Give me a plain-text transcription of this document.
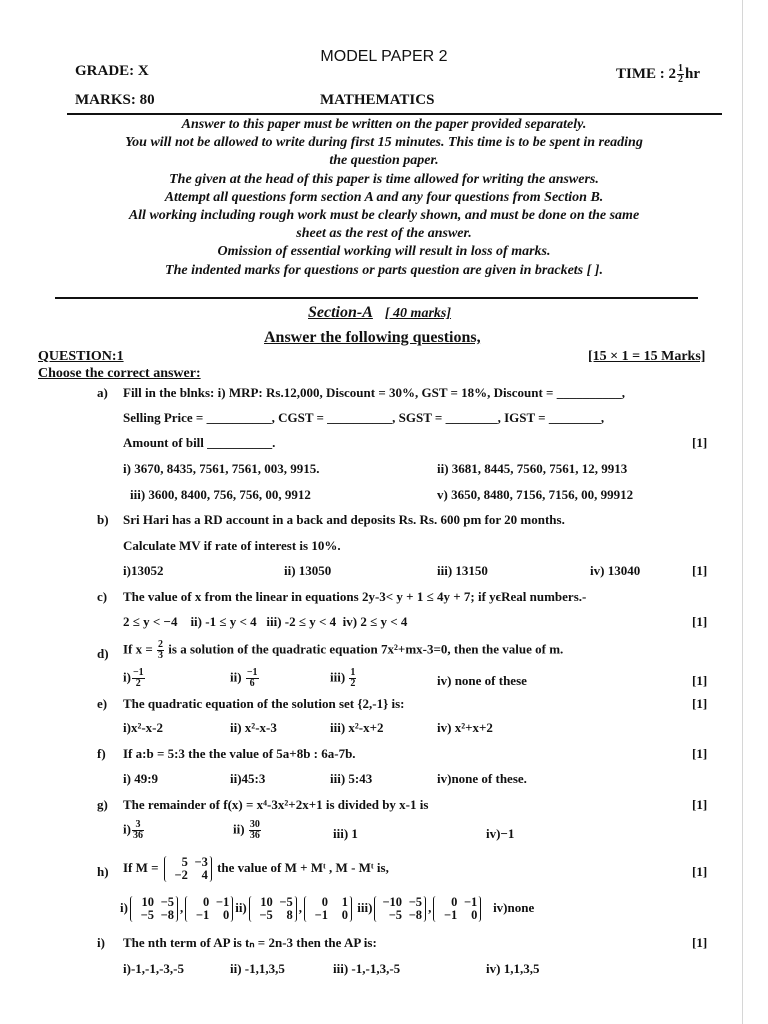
MODEL PAPER 2
GRADE: X	TIME : $2 \frac{1}{2}$ hr
MARKS: 80	MATHEMATICS
Answer to this paper must be written on the paper provided separately.
You will not be allowed to write during first 15 minutes. This time is to be spent in reading
the question paper.
The given at the head of this paper is time allowed for writing the answers.
Attempt all questions form section A and any four questions from Section B.
All working including rough work must be clearly shown, and must be done on the same
sheet as the rest of the answer.
Omission of essential working will result in loss of marks.
The indented marks for questions or parts question are given in brackets [ ].
Section-A [ 40 marks]
Answer the following questions,
QUESTION:1	[15 × 1 = 15 Marks]
Choose the correct answer:
a) Fill in the blnks: i) MRP: Rs.12,000, Discount = 30%, GST = 18%, Discount = __________,
Selling Price = __________, CGST = __________, SGST = ________, IGST = ________,
Amount of bill __________.	[1]
i) 3670, 8435, 7561, 7561, 003, 9915.	ii) 3681, 8445, 7560, 7561, 12, 9913
iii) 3600, 8400, 756, 756, 00, 9912	v) 3650, 8480, 7156, 7156, 00, 99912
b) Sri Hari has a RD account in a back and deposits Rs. Rs. 600 pm for 20 months.
Calculate MV if rate of interest is 10%.
i)13052	ii) 13050	iii) 13150	iv) 13040	[1]
c) The value of x from the linear in equations 2y-3< y + 1 ≤ 4y + 7; if yϵReal numbers.-
2 ≤ y < −4    ii) -1 ≤ y < 4   iii) -2 ≤ y < 4  iv) 2 ≤ y < 4	[1]
d) If $x = \frac{2}{3}$ is a solution of the quadratic equation 7x²+mx-3=0, then the value of m.
$i) \frac{-1}{2}$	$ii) \frac{-1}{6}$	$iii) \frac{1}{2}$	iv) none of these	[1]
e) The quadratic equation of the solution set {2,-1} is:	[1]
i)x²-x-2	ii) x²-x-3	iii) x²-x+2	iv) x²+x+2
f) If a:b = 5:3 the the value of 5a+8b : 6a-7b.	[1]
i) 49:9	ii)45:3	iii) 5:43	iv)none of these.
g) The remainder of f(x) = x⁴-3x²+2x+1 is divided by x-1 is	[1]
$i) \frac{3}{36}$	$ii) \frac{30}{36}$	iii) 1	iv)−1
h) If M =	5 −3
−2 4
the value of M + Mᵗ , M - Mᵗ is,	[1]
i)	10 −5
−5 −8
,	0 −1
−1 0
ii)	10 −5
−5 8
,	0 1
−1 0
iii) −10 −5
−5 −8
,	0 −1
−1 0
iv)none
i) The nth term of AP is tₙ = 2n-3 then the AP is:	[1]
i)-1,-1,-3,-5	ii) -1,1,3,5	iii) -1,-1,3,-5	iv) 1,1,3,5
